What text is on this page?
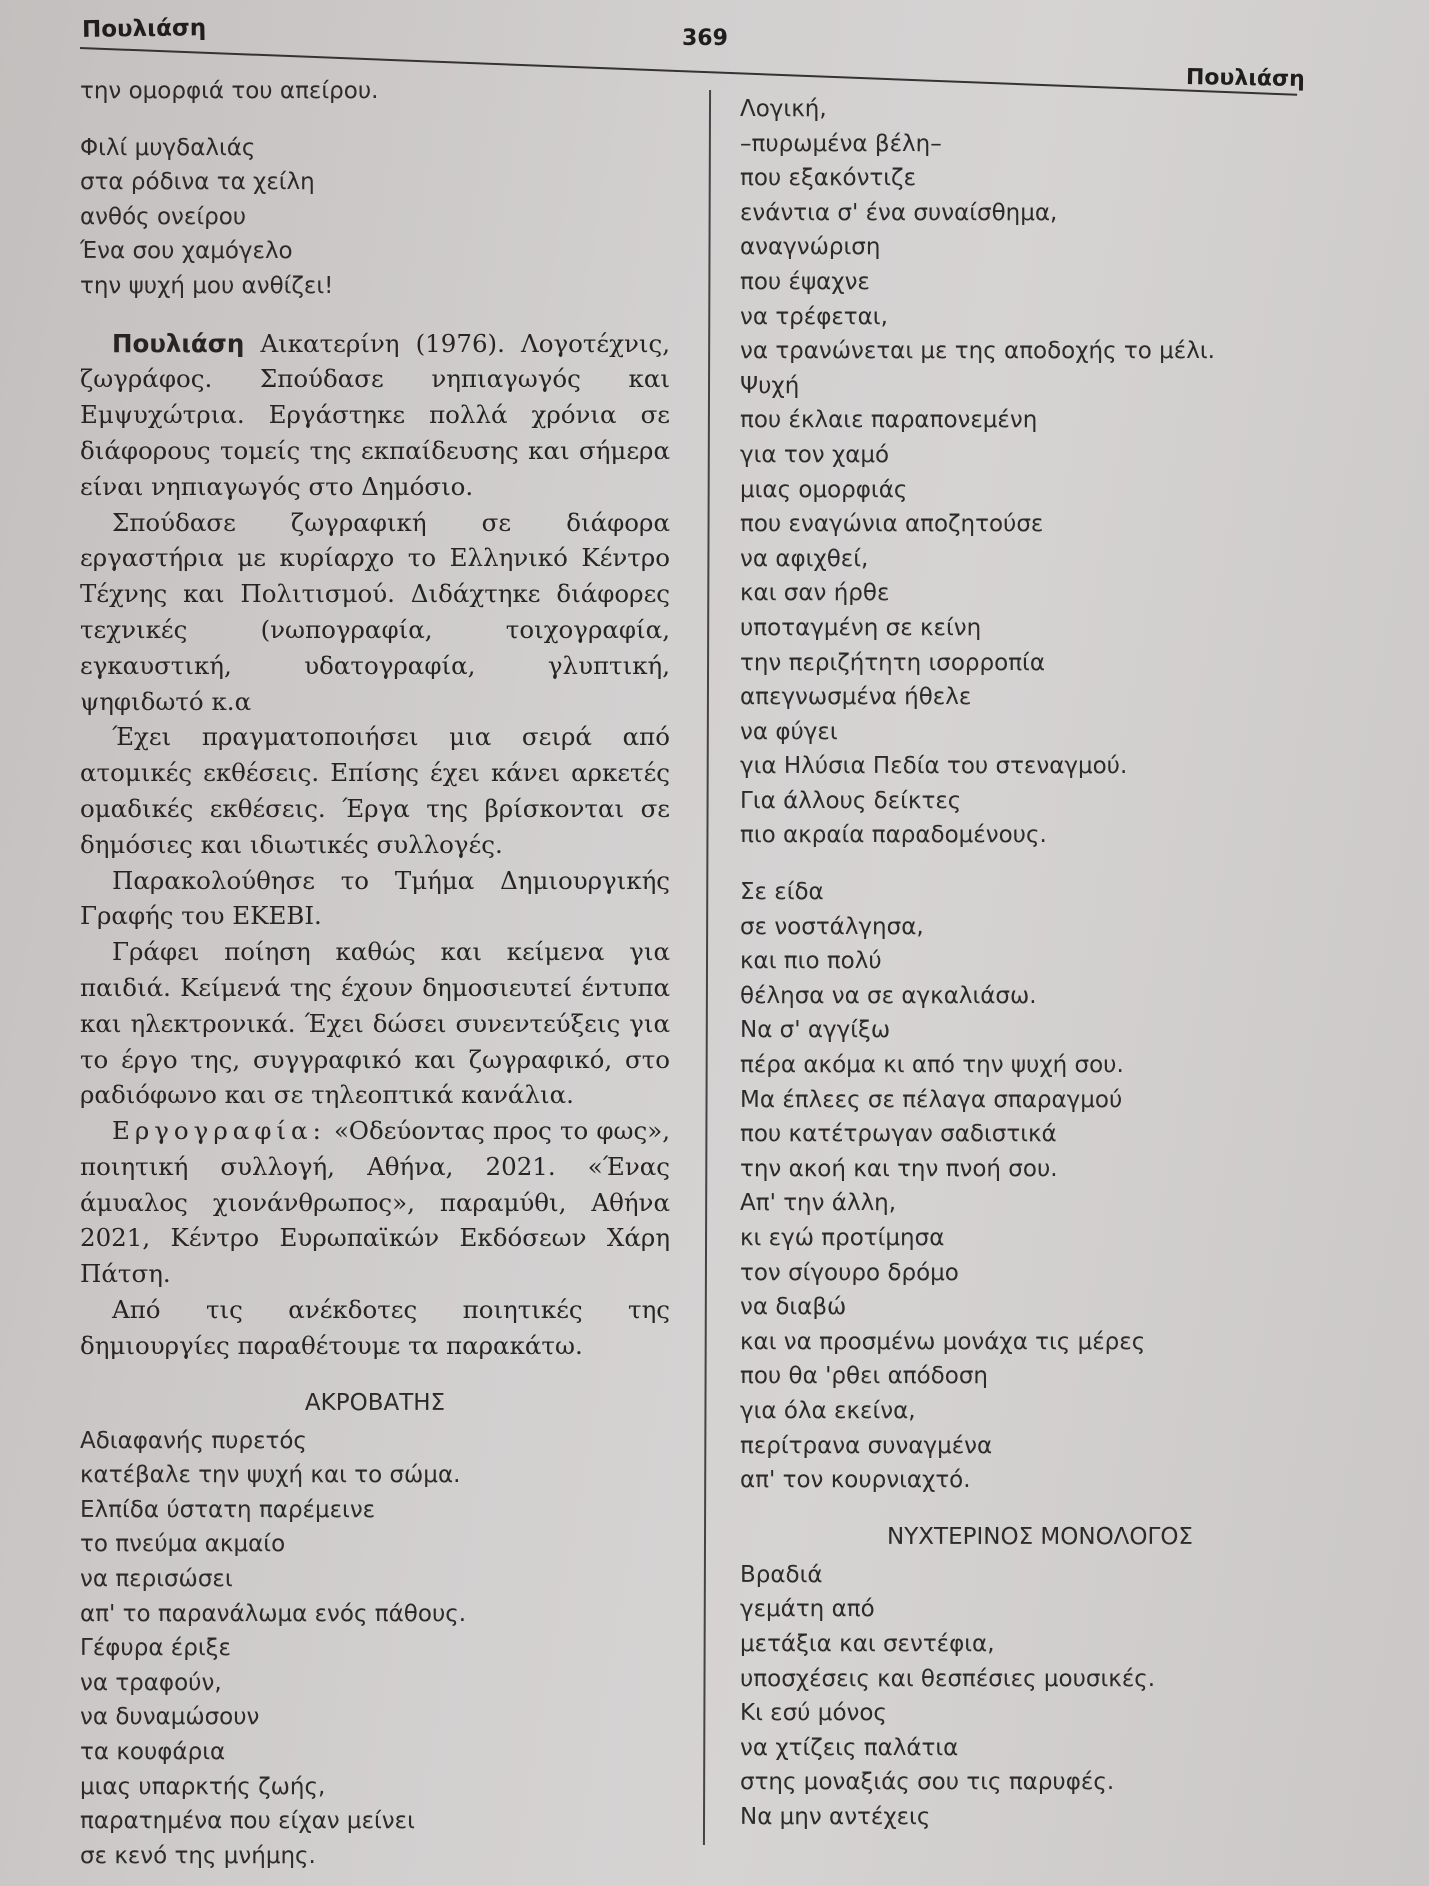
Πουλιάση	369
Πουλιάση
την ομορφιά του απείρου.
Φιλί μυγδαλιάς
στα ρόδινα τα χείλη
ανθός ονείρου
Ένα σου χαμόγελο
την ψυχή μου ανθίζει!

Πουλιάση Αικατερίνη (1976). Λογοτέχνις, ζωγράφος. Σπούδασε νηπιαγωγός και Εμψυχώτρια. Εργάστηκε πολλά χρόνια σε διάφορους τομείς της εκπαίδευσης και σήμερα είναι νηπιαγωγός στο Δημόσιο.

Σπούδασε ζωγραφική σε διάφορα εργαστήρια με κυρίαρχο το Ελληνικό Κέντρο Τέχνης και Πολιτισμού. Διδάχτηκε διάφορες τεχνικές (νωπογραφία, τοιχογραφία, εγκαυστική, υδατογραφία, γλυπτική, ψηφιδωτό κ.α

Έχει πραγματοποιήσει μια σειρά από ατομικές εκθέσεις. Επίσης έχει κάνει αρκετές ομαδικές εκθέσεις. Έργα της βρίσκονται σε δημόσιες και ιδιωτικές συλλογές.

Παρακολούθησε το Τμήμα Δημιουργικής Γραφής του ΕΚΕΒΙ.

Γράφει ποίηση καθώς και κείμενα για παιδιά. Κείμενά της έχουν δημοσιευτεί έντυπα και ηλεκτρονικά. Έχει δώσει συνεντεύξεις για το έργο της, συγγραφικό και ζωγραφικό, στο ραδιόφωνο και σε τηλεοπτικά κανάλια.

Εργογραφία: «Οδεύοντας προς το φως», ποιητική συλλογή, Αθήνα, 2021. «Ένας άμυαλος χιονάνθρωπος», παραμύθι, Αθήνα 2021, Κέντρο Ευρωπαϊκών Εκδόσεων Χάρη Πάτση.

Από τις ανέκδοτες ποιητικές της δημιουργίες παραθέτουμε τα παρακάτω.

ΑΚΡΟΒΑΤΗΣ
Αδιαφανής πυρετός
κατέβαλε την ψυχή και το σώμα.
Ελπίδα ύστατη παρέμεινε
το πνεύμα ακμαίο
να περισώσει
απ' το παρανάλωμα ενός πάθους.
Γέφυρα έριξε
να τραφούν,
να δυναμώσουν
τα κουφάρια
μιας υπαρκτής ζωής,
παρατημένα που είχαν μείνει
σε κενό της μνήμης.
Λογική,
–πυρωμένα βέλη–
που εξακόντιζε
ενάντια σ' ένα συναίσθημα,
αναγνώριση
που έψαχνε
να τρέφεται,
να τρανώνεται με της αποδοχής το μέλι.
Ψυχή
που έκλαιε παραπονεμένη
για τον χαμό
μιας ομορφιάς
που εναγώνια αποζητούσε
να αφιχθεί,
και σαν ήρθε
υποταγμένη σε κείνη
την περιζήτητη ισορροπία
απεγνωσμένα ήθελε
να φύγει
για Ηλύσια Πεδία του στεναγμού.
Για άλλους δείκτες
πιο ακραία παραδομένους.
Σε είδα
σε νοστάλγησα,
και πιο πολύ
θέλησα να σε αγκαλιάσω.
Να σ' αγγίξω
πέρα ακόμα κι από την ψυχή σου.
Μα έπλεες σε πέλαγα σπαραγμού
που κατέτρωγαν σαδιστικά
την ακοή και την πνοή σου.
Απ' την άλλη,
κι εγώ προτίμησα
τον σίγουρο δρόμο
να διαβώ
και να προσμένω μονάχα τις μέρες
που θα 'ρθει απόδοση
για όλα εκείνα,
περίτρανα συναγμένα
απ' τον κουρνιαχτό.
ΝΥΧΤΕΡΙΝΟΣ ΜΟΝΟΛΟΓΟΣ
Βραδιά
γεμάτη από
μετάξια και σεντέφια,
υποσχέσεις και θεσπέσιες μουσικές.
Κι εσύ μόνος
να χτίζεις παλάτια
στης μοναξιάς σου τις παρυφές.
Να μην αντέχεις
